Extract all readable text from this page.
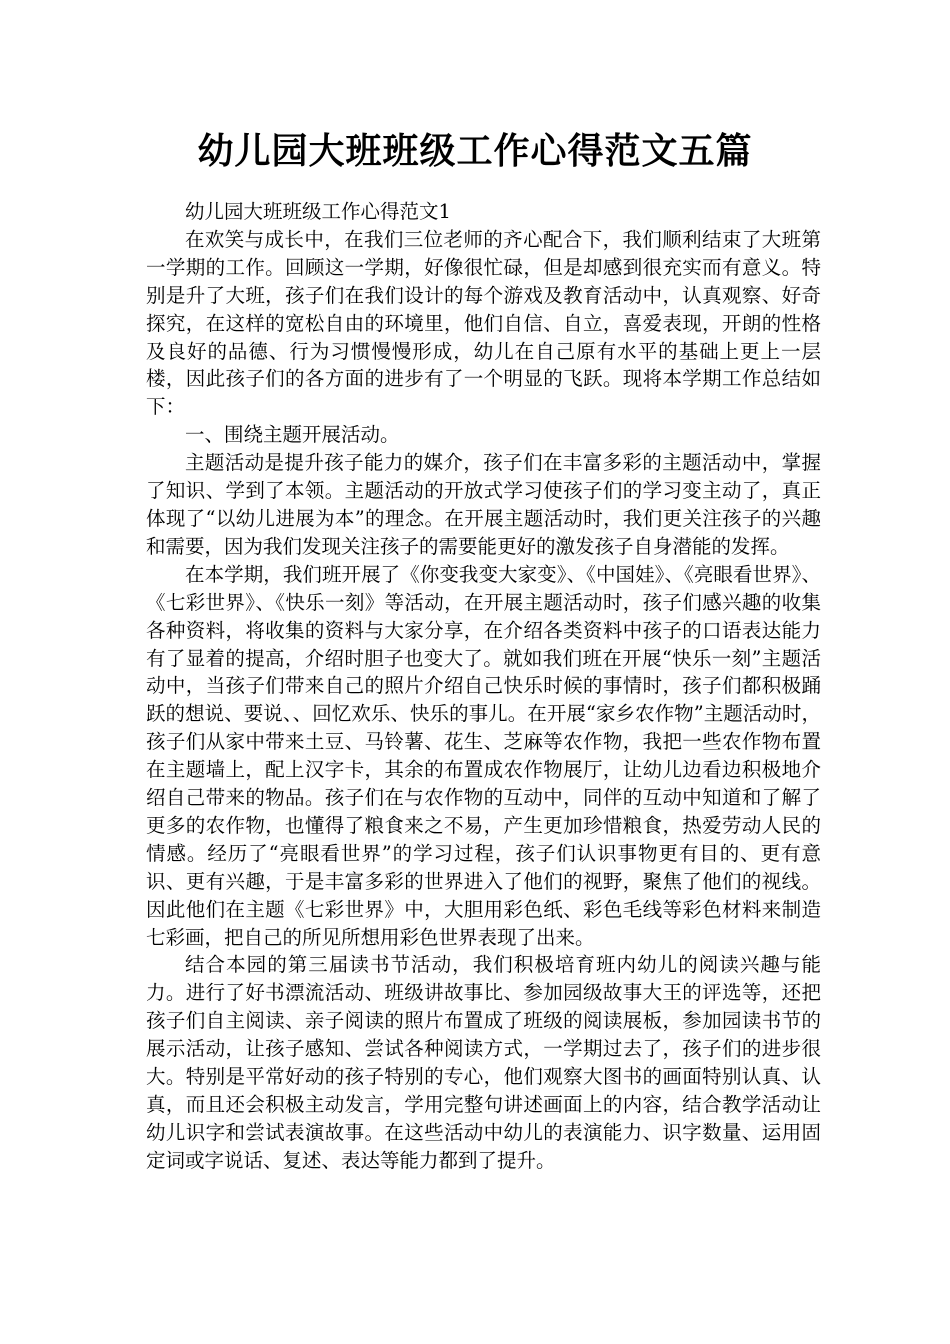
幼儿园大班班级工作心得范文五篇

幼儿园大班班级工作心得范文1

在欢笑与成长中，在我们三位老师的齐心配合下，我们顺利结束了大班第一学期的工作。回顾这一学期，好像很忙碌，但是却感到很充实而有意义。特别是升了大班，孩子们在我们设计的每个游戏及教育活动中，认真观察、好奇探究，在这样的宽松自由的环境里，他们自信、自立，喜爱表现，开朗的性格及良好的品德、行为习惯慢慢形成，幼儿在自己原有水平的基础上更上一层楼，因此孩子们的各方面的进步有了一个明显的飞跃。现将本学期工作总结如下：

一、围绕主题开展活动。

主题活动是提升孩子能力的媒介，孩子们在丰富多彩的主题活动中，掌握了知识、学到了本领。主题活动的开放式学习使孩子们的学习变主动了，真正体现了“以幼儿进展为本”的理念。在开展主题活动时，我们更关注孩子的兴趣和需要，因为我们发现关注孩子的需要能更好的激发孩子自身潜能的发挥。

在本学期，我们班开展了《你变我变大家变》、《中国娃》、《亮眼看世界》、《七彩世界》、《快乐一刻》等活动，在开展主题活动时，孩子们感兴趣的收集各种资料，将收集的资料与大家分享，在介绍各类资料中孩子的口语表达能力有了显着的提高，介绍时胆子也变大了。就如我们班在开展“快乐一刻”主题活动中，当孩子们带来自己的照片介绍自己快乐时候的事情时，孩子们都积极踊跃的想说、要说、、回忆欢乐、快乐的事儿。在开展“家乡农作物”主题活动时，孩子们从家中带来土豆、马铃薯、花生、芝麻等农作物，我把一些农作物布置在主题墙上，配上汉字卡，其余的布置成农作物展厅，让幼儿边看边积极地介绍自己带来的物品。孩子们在与农作物的互动中，同伴的互动中知道和了解了更多的农作物，也懂得了粮食来之不易，产生更加珍惜粮食，热爱劳动人民的情感。经历了“亮眼看世界”的学习过程，孩子们认识事物更有目的、更有意识、更有兴趣，于是丰富多彩的世界进入了他们的视野，聚焦了他们的视线。因此他们在主题《七彩世界》中，大胆用彩色纸、彩色毛线等彩色材料来制造七彩画，把自己的所见所想用彩色世界表现了出来。

结合本园的第三届读书节活动，我们积极培育班内幼儿的阅读兴趣与能力。进行了好书漂流活动、班级讲故事比、参加园级故事大王的评选等，还把孩子们自主阅读、亲子阅读的照片布置成了班级的阅读展板，参加园读书节的展示活动，让孩子感知、尝试各种阅读方式，一学期过去了，孩子们的进步很大。特别是平常好动的孩子特别的专心，他们观察大图书的画面特别认真、认真，而且还会积极主动发言，学用完整句讲述画面上的内容，结合教学活动让幼儿识字和尝试表演故事。在这些活动中幼儿的表演能力、识字数量、运用固定词或字说话、复述、表达等能力都到了提升。
